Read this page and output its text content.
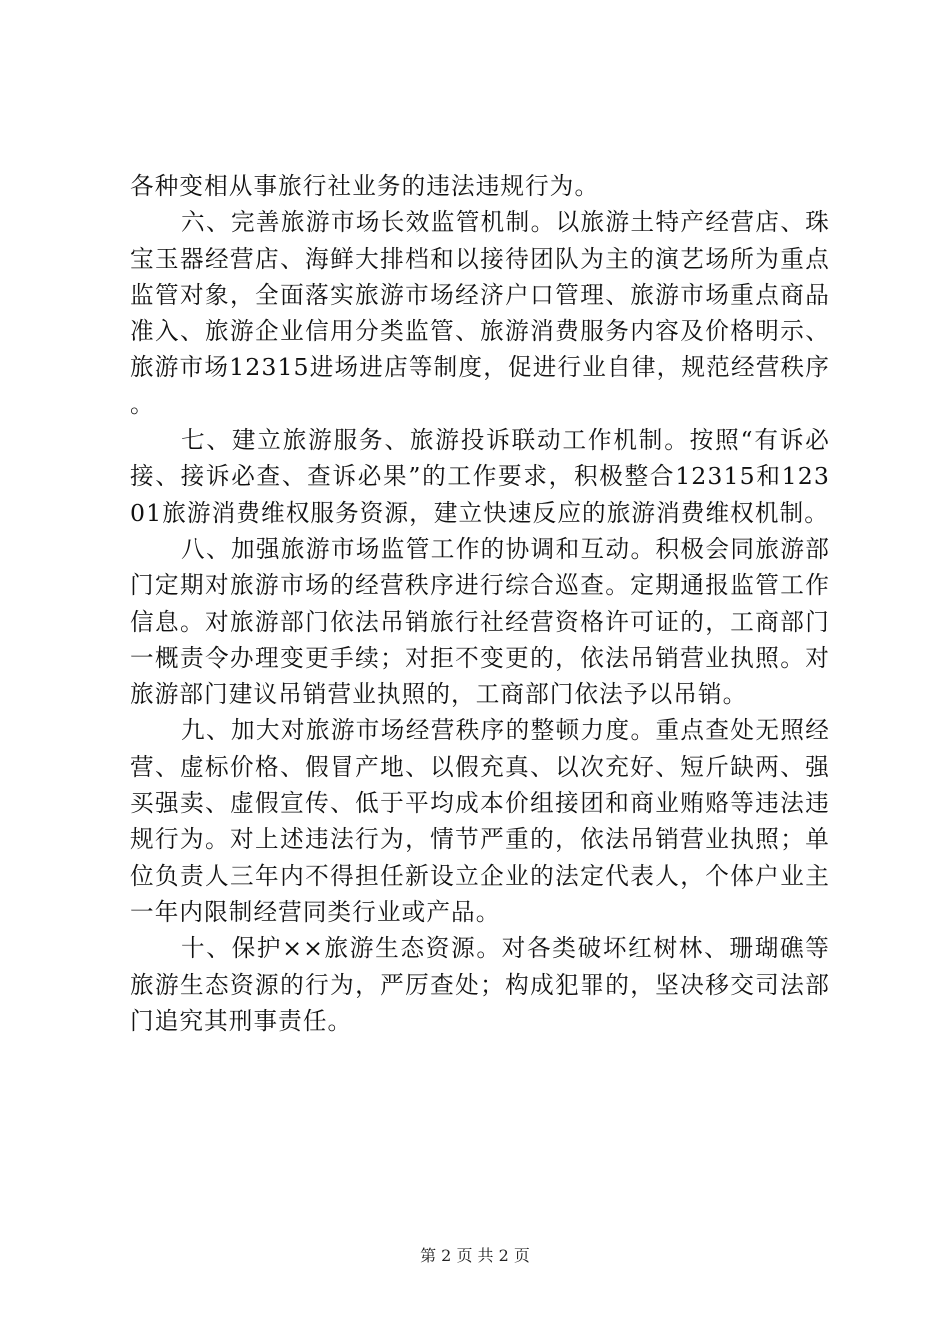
各种变相从事旅行社业务的违法违规行为。

六、完善旅游市场长效监管机制。以旅游土特产经营店、珠宝玉器经营店、海鲜大排档和以接待团队为主的演艺场所为重点监管对象，全面落实旅游市场经济户口管理、旅游市场重点商品准入、旅游企业信用分类监管、旅游消费服务内容及价格明示、旅游市场12315进场进店等制度，促进行业自律，规范经营秩序。

七、建立旅游服务、旅游投诉联动工作机制。按照“有诉必接、接诉必查、查诉必果”的工作要求，积极整合12315和12301旅游消费维权服务资源，建立快速反应的旅游消费维权机制。

八、加强旅游市场监管工作的协调和互动。积极会同旅游部门定期对旅游市场的经营秩序进行综合巡查。定期通报监管工作信息。对旅游部门依法吊销旅行社经营资格许可证的，工商部门一概责令办理变更手续；对拒不变更的，依法吊销营业执照。对旅游部门建议吊销营业执照的，工商部门依法予以吊销。

九、加大对旅游市场经营秩序的整顿力度。重点查处无照经营、虚标价格、假冒产地、以假充真、以次充好、短斤缺两、强买强卖、虚假宣传、低于平均成本价组接团和商业贿赂等违法违规行为。对上述违法行为，情节严重的，依法吊销营业执照；单位负责人三年内不得担任新设立企业的法定代表人，个体户业主一年内限制经营同类行业或产品。

十、保护××旅游生态资源。对各类破坏红树林、珊瑚礁等旅游生态资源的行为，严厉查处；构成犯罪的，坚决移交司法部门追究其刑事责任。

第 2 页 共 2 页
